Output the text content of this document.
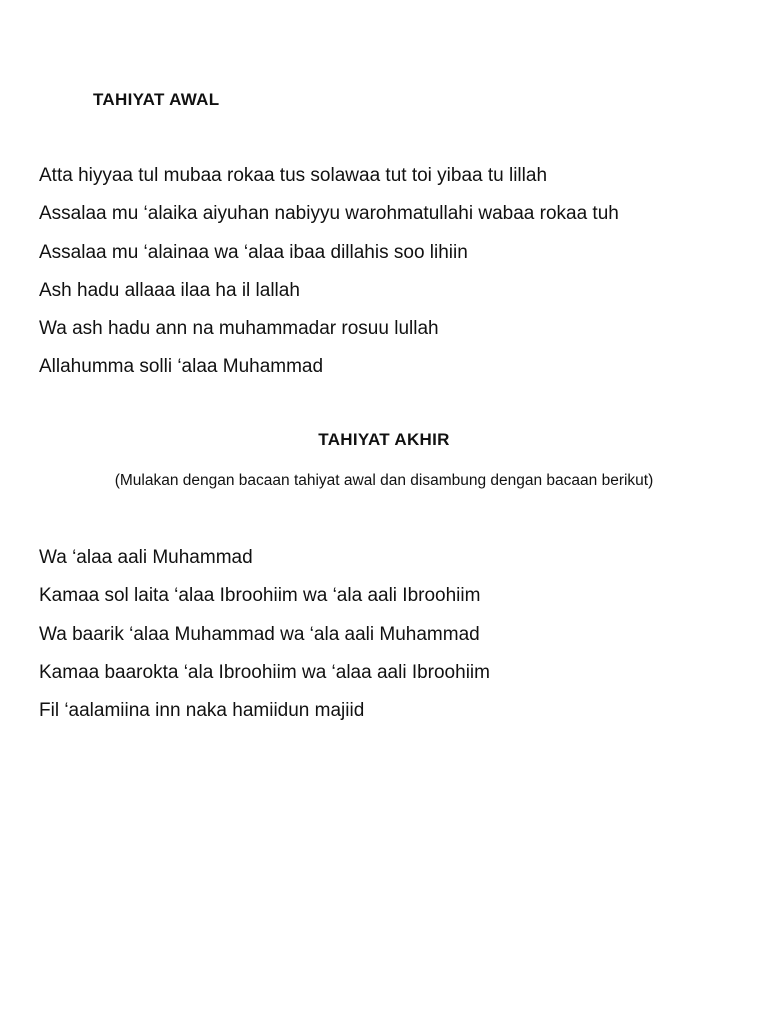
TAHIYAT AWAL
Atta hiyyaa tul mubaa rokaa tus solawaa tut toi yibaa tu lillah
Assalaa mu ‘alaika aiyuhan nabiyyu warohmatullahi wabaa rokaa tuh
Assalaa mu ‘alainaa wa ‘alaa ibaa dillahis soo lihiin
Ash hadu allaaa ilaa ha il lallah
Wa ash hadu ann na muhammadar rosuu lullah
Allahumma solli ‘alaa Muhammad
TAHIYAT AKHIR

(Mulakan dengan bacaan tahiyat awal dan disambung dengan bacaan berikut)

Wa ‘alaa aali Muhammad
Kamaa sol laita ‘alaa Ibroohiim wa ‘ala aali Ibroohiim
Wa baarik ‘alaa Muhammad wa ‘ala aali Muhammad
Kamaa baarokta ‘ala Ibroohiim wa ‘alaa aali Ibroohiim
Fil ‘aalamiina inn naka hamiidun majiid
